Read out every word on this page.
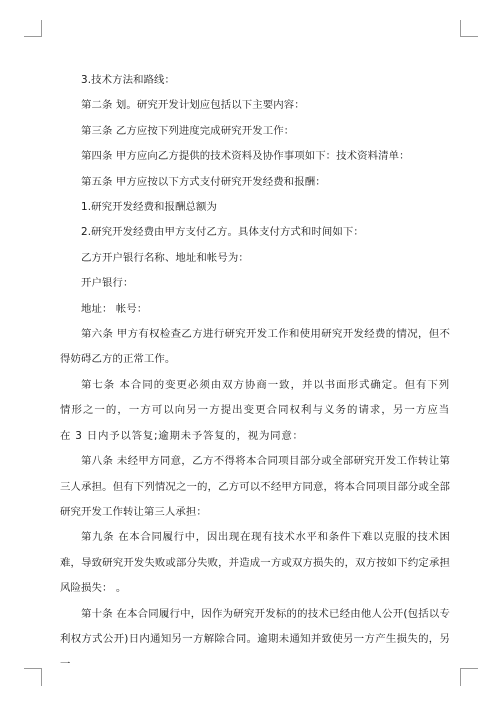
3.技术方法和路线：
第二条 划。研究开发计划应包括以下主要内容：
第三条 乙方应按下列进度完成研究开发工作：
第四条 甲方应向乙方提供的技术资料及协作事项如下：技术资料清单：
第五条 甲方应按以下方式支付研究开发经费和报酬：
1.研究开发经费和报酬总额为
2.研究开发经费由甲方支付乙方。具体支付方式和时间如下：
乙方开户银行名称、地址和帐号为：
开户银行：
地址： 帐号：
第六条 甲方有权检查乙方进行研究开发工作和使用研究开发经费的情况，但不得妨碍乙方的正常工作。
第七条 本合同的变更必须由双方协商一致，并以书面形式确定。但有下列情形之一的，一方可以向另一方提出变更合同权利与义务的请求，另一方应当在 3 日内予以答复;逾期未予答复的，视为同意：
第八条 未经甲方同意，乙方不得将本合同项目部分或全部研究开发工作转让第三人承担。但有下列情况之一的，乙方可以不经甲方同意，将本合同项目部分或全部研究开发工作转让第三人承担：
第九条 在本合同履行中，因出现在现有技术水平和条件下难以克服的技术困难，导致研究开发失败或部分失败，并造成一方或双方损失的，双方按如下约定承担风险损失： 。
第十条 在本合同履行中，因作为研究开发标的的技术已经由他人公开(包括以专利权方式公开)日内通知另一方解除合同。逾期未通知并致使另一方产生损失的，另一
